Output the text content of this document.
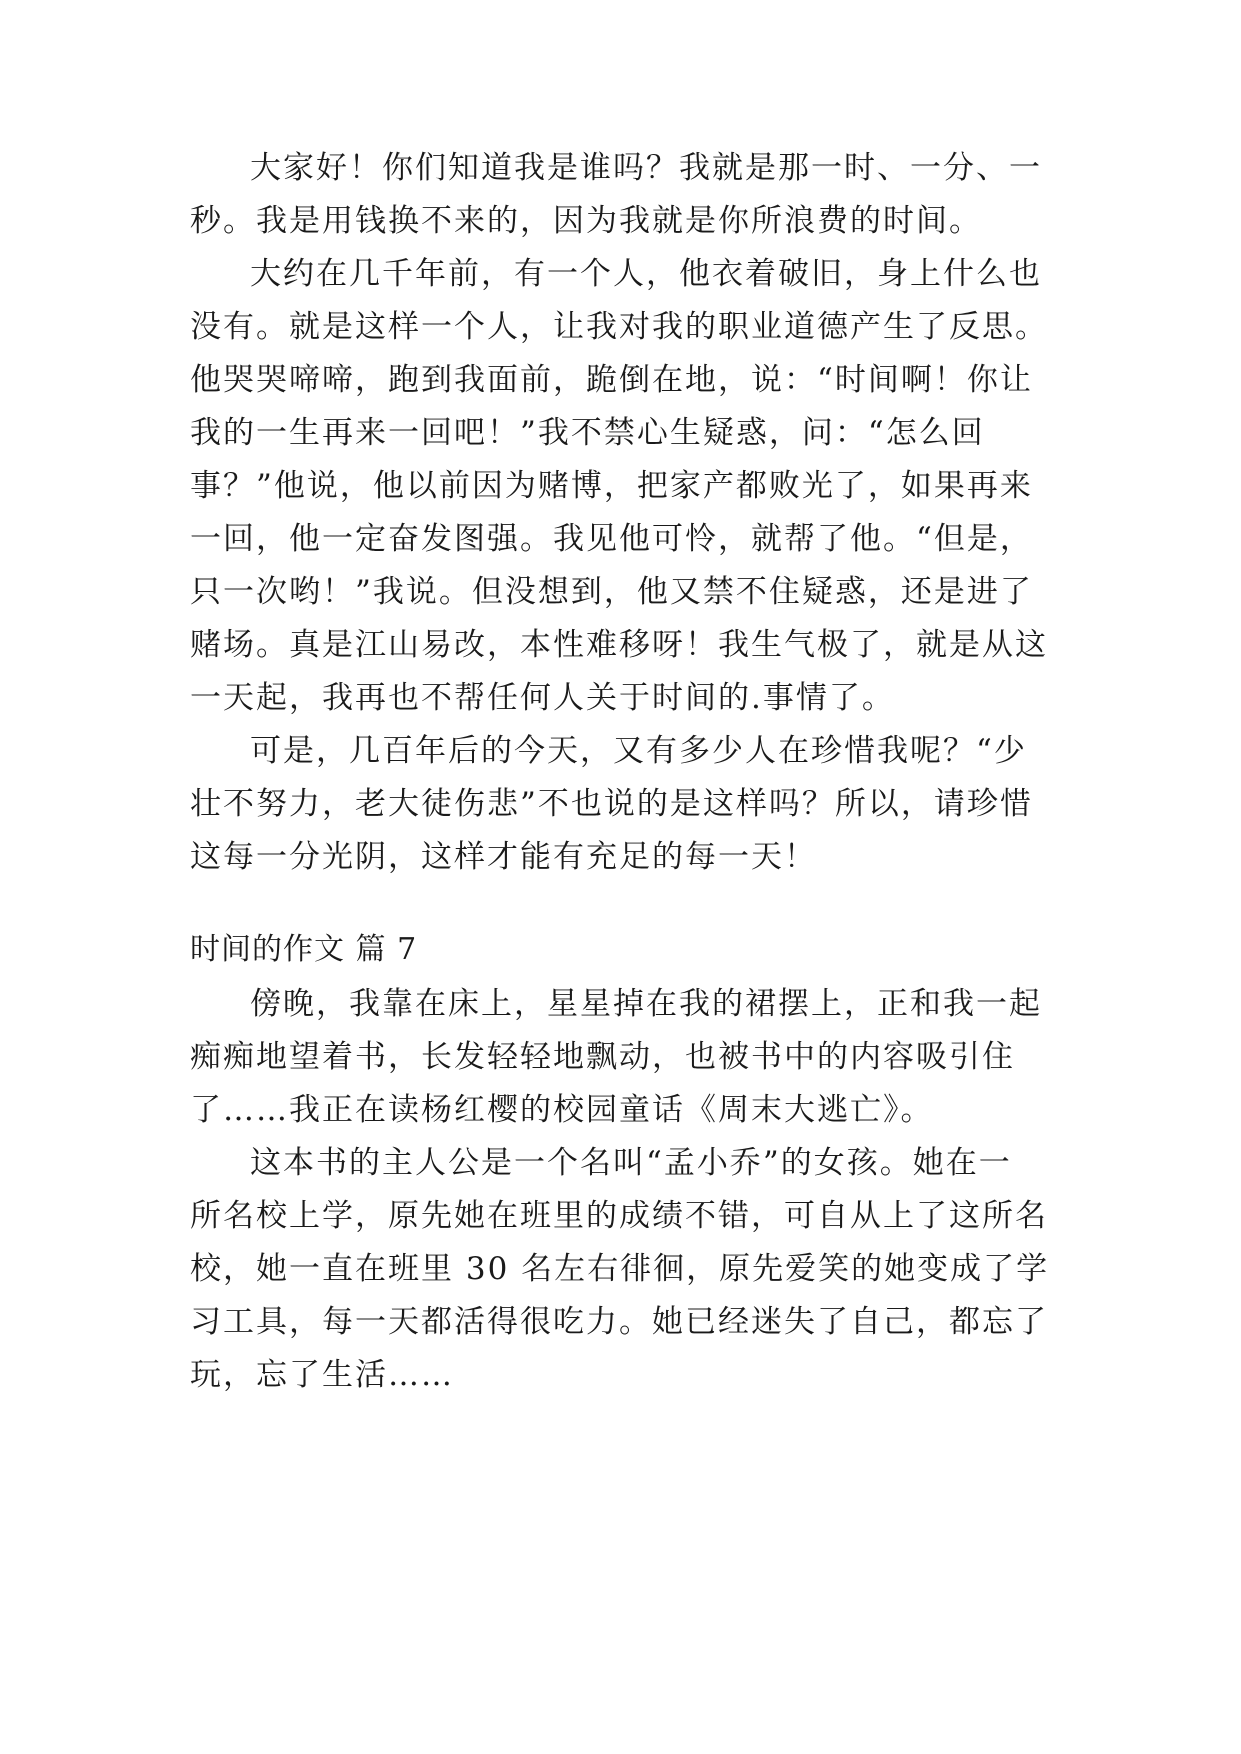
大家好！你们知道我是谁吗？我就是那一时、一分、一
秒。我是用钱换不来的，因为我就是你所浪费的时间。
大约在几千年前，有一个人，他衣着破旧，身上什么也
没有。就是这样一个人，让我对我的职业道德产生了反思。
他哭哭啼啼，跑到我面前，跪倒在地，说：“时间啊！你让
我的一生再来一回吧！”我不禁心生疑惑，问：“怎么回
事？”他说，他以前因为赌博，把家产都败光了，如果再来
一回，他一定奋发图强。我见他可怜，就帮了他。“但是，
只一次哟！”我说。但没想到，他又禁不住疑惑，还是进了
赌场。真是江山易改，本性难移呀！我生气极了，就是从这
一天起，我再也不帮任何人关于时间的.事情了。
可是，几百年后的今天，又有多少人在珍惜我呢？“少
壮不努力，老大徒伤悲”不也说的是这样吗？所以，请珍惜
这每一分光阴，这样才能有充足的每一天！
时间的作文 篇 7
傍晚，我靠在床上，星星掉在我的裙摆上，正和我一起
痴痴地望着书，长发轻轻地飘动，也被书中的内容吸引住
了……我正在读杨红樱的校园童话《周末大逃亡》。
这本书的主人公是一个名叫“孟小乔”的女孩。她在一
所名校上学，原先她在班里的成绩不错，可自从上了这所名
校，她一直在班里 30 名左右徘徊，原先爱笑的她变成了学
习工具，每一天都活得很吃力。她已经迷失了自己，都忘了
玩，忘了生活……
